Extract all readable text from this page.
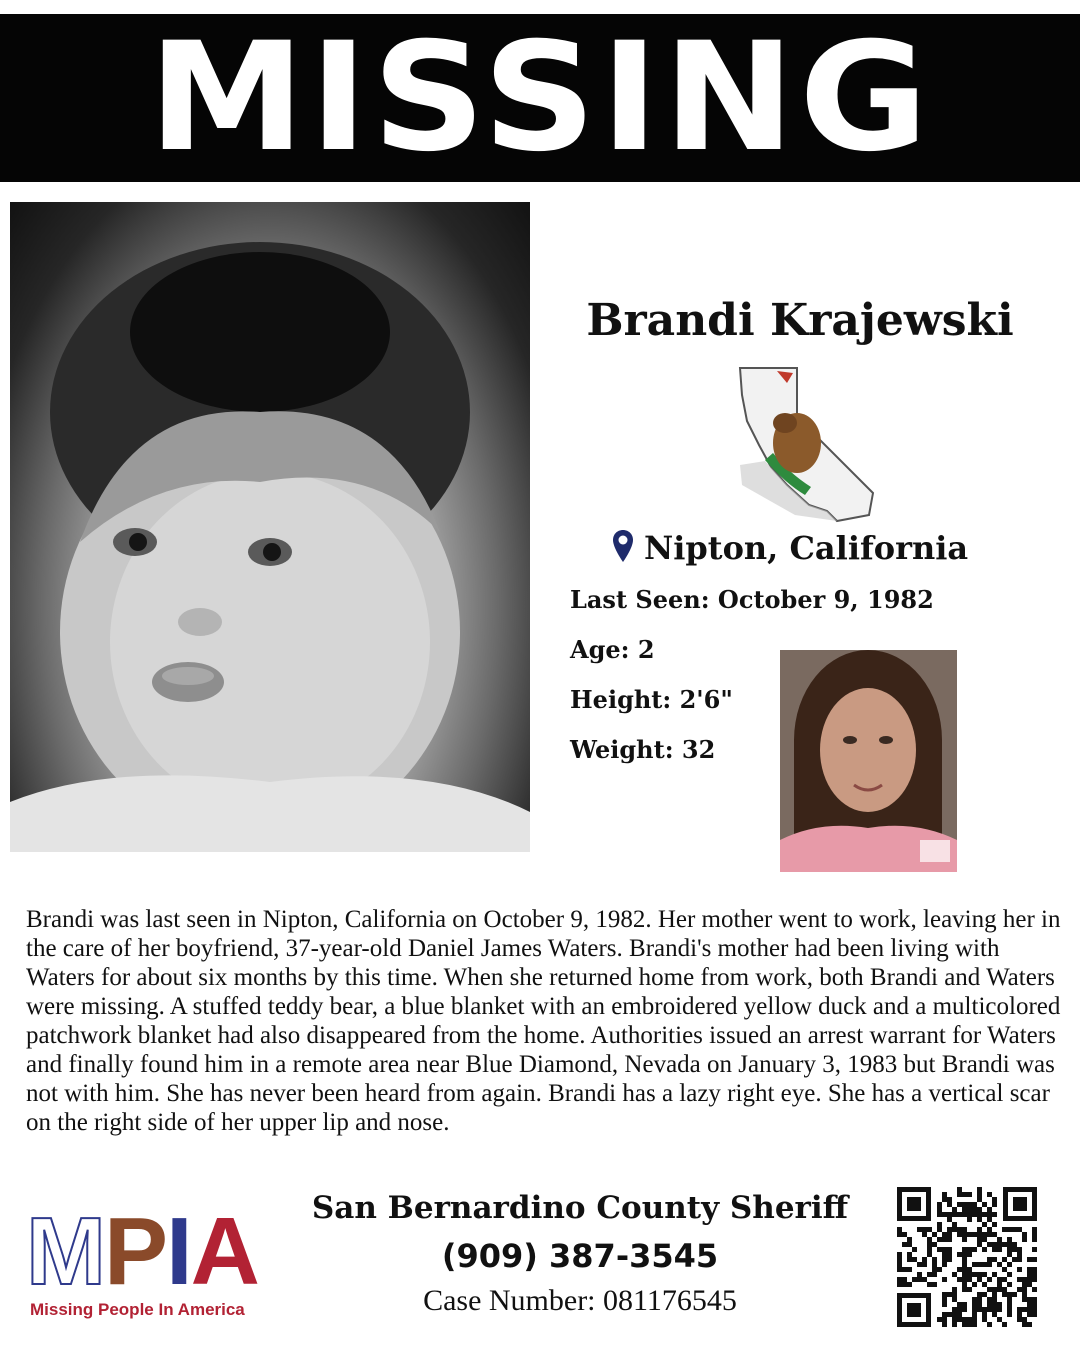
MISSING
Brandi Krajewski
Nipton, California
Last Seen: October 9, 1982
Age: 2
Height: 2'6"
Weight: 32
Brandi was last seen in Nipton, California on October 9, 1982. Her mother went to work, leaving her in the care of her boyfriend, 37-year-old Daniel James Waters. Brandi's mother had been living with Waters for about six months by this time. When she returned home from work, both Brandi and Waters were missing. A stuffed teddy bear, a blue blanket with an embroidered yellow duck and a multicolored patchwork blanket had also disappeared from the home. Authorities issued an arrest warrant for Waters and finally found him in a remote area near Blue Diamond, Nevada on January 3, 1983 but Brandi was not with him. She has never been heard from again. Brandi has a lazy right eye. She has a vertical scar on the right side of her upper lip and nose.
M P I A
Missing People In America
San Bernardino County Sheriff
(909) 387-3545
Case Number: 081176545
